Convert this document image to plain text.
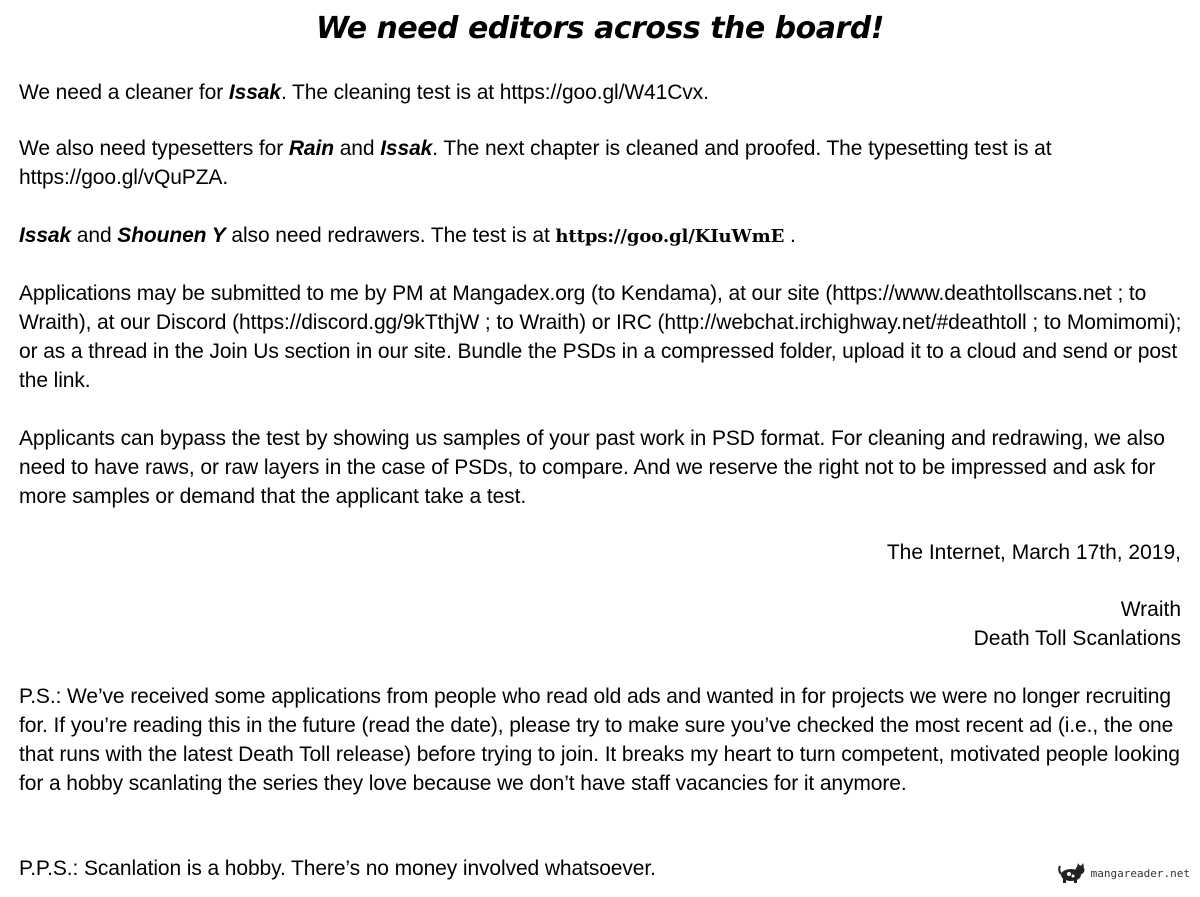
We need editors across the board!
We need a cleaner for Issak. The cleaning test is at https://goo.gl/W41Cvx.
We also need typesetters for Rain and Issak. The next chapter is cleaned and proofed. The typesetting test is at https://goo.gl/vQuPZA.
Issak and Shounen Y also need redrawers. The test is at https://goo.gl/KIuWmE .
Applications may be submitted to me by PM at Mangadex.org (to Kendama), at our site (https://www.deathtollscans.net ; to Wraith), at our Discord (https://discord.gg/9kTthjW ; to Wraith) or IRC (http://webchat.irchighway.net/#deathtoll ; to Momimomi); or as a thread in the Join Us section in our site. Bundle the PSDs in a compressed folder, upload it to a cloud and send or post the link.
Applicants can bypass the test by showing us samples of your past work in PSD format. For cleaning and redrawing, we also need to have raws, or raw layers in the case of PSDs, to compare. And we reserve the right not to be impressed and ask for more samples or demand that the applicant take a test.
The Internet, March 17th, 2019,
Wraith
Death Toll Scanlations
P.S.: We’ve received some applications from people who read old ads and wanted in for projects we were no longer recruiting for. If you’re reading this in the future (read the date), please try to make sure you’ve checked the most recent ad (i.e., the one that runs with the latest Death Toll release) before trying to join. It breaks my heart to turn competent, motivated people looking for a hobby scanlating the series they love because we don’t have staff vacancies for it anymore.
P.P.S.: Scanlation is a hobby. There’s no money involved whatsoever.	mangareader.net
